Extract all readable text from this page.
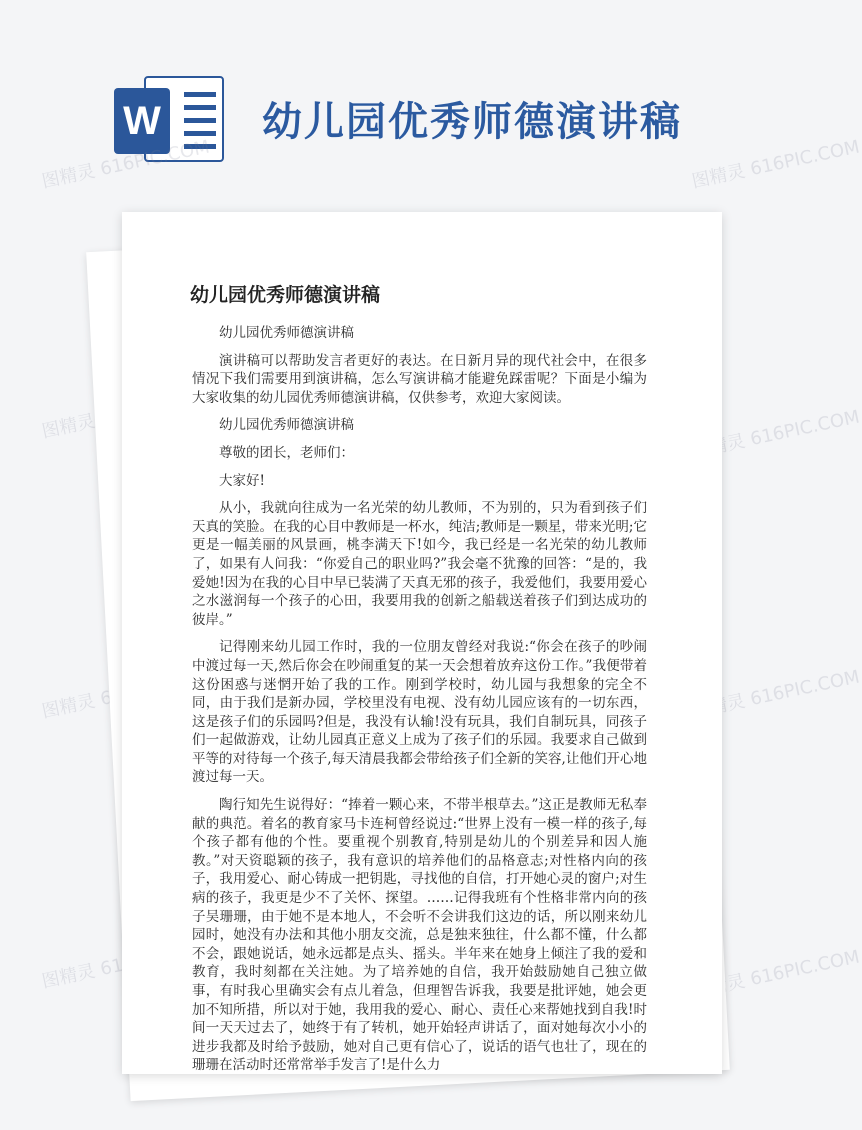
W	幼儿园优秀师德演讲稿
图精灵 616PIC.COM	图精灵 616PIC.COM
图精灵	图精灵 616PIC.COM
图精灵	图精灵 616PIC.COM
图精灵	图精灵 616PIC.COM
幼儿园优秀师德演讲稿

幼儿园优秀师德演讲稿

演讲稿可以帮助发言者更好的表达。在日新月异的现代社会中，在很多情况下我们需要用到演讲稿，怎么写演讲稿才能避免踩雷呢？下面是小编为大家收集的幼儿园优秀师德演讲稿，仅供参考，欢迎大家阅读。

幼儿园优秀师德演讲稿

尊敬的团长，老师们：

大家好!

从小，我就向往成为一名光荣的幼儿教师，不为别的，只为看到孩子们天真的笑脸。在我的心目中教师是一杯水，纯洁;教师是一颗星，带来光明;它更是一幅美丽的风景画，桃李满天下!如今，我已经是一名光荣的幼儿教师了，如果有人问我：“你爱自己的职业吗?”我会毫不犹豫的回答：“是的，我爱她!因为在我的心目中早已装满了天真无邪的孩子，我爱他们，我要用爱心之水滋润每一个孩子的心田，我要用我的创新之船载送着孩子们到达成功的彼岸。”

记得刚来幼儿园工作时，我的一位朋友曾经对我说:“你会在孩子的吵闹中渡过每一天,然后你会在吵闹重复的某一天会想着放弃这份工作。”我便带着这份困惑与迷惘开始了我的工作。刚到学校时，幼儿园与我想象的完全不同，由于我们是新办园，学校里没有电视、没有幼儿园应该有的一切东西，这是孩子们的乐园吗?但是，我没有认输!没有玩具，我们自制玩具，同孩子们一起做游戏，让幼儿园真正意义上成为了孩子们的乐园。我要求自己做到平等的对待每一个孩子,每天清晨我都会带给孩子们全新的笑容,让他们开心地渡过每一天。

陶行知先生说得好：“捧着一颗心来，不带半根草去。”这正是教师无私奉献的典范。着名的教育家马卡连柯曾经说过:“世界上没有一模一样的孩子,每个孩子都有他的个性。要重视个别教育,特别是幼儿的个别差异和因人施教。”对天资聪颖的孩子，我有意识的培养他们的品格意志;对性格内向的孩子，我用爱心、耐心铸成一把钥匙，寻找他的自信，打开她心灵的窗户;对生病的孩子，我更是少不了关怀、探望。……记得我班有个性格非常内向的孩子吴珊珊，由于她不是本地人，不会听不会讲我们这边的话，所以刚来幼儿园时，她没有办法和其他小朋友交流，总是独来独往，什么都不懂，什么都不会，跟她说话，她永远都是点头、摇头。半年来在她身上倾注了我的爱和教育，我时刻都在关注她。为了培养她的自信，我开始鼓励她自己独立做事，有时我心里确实会有点儿着急，但理智告诉我，我要是批评她，她会更加不知所措，所以对于她，我用我的爱心、耐心、责任心来帮她找到自我!时间一天天过去了，她终于有了转机，她开始轻声讲话了，面对她每次小小的进步我都及时给予鼓励，她对自己更有信心了，说话的语气也壮了，现在的珊珊在活动时还常常举手发言了!是什么力
